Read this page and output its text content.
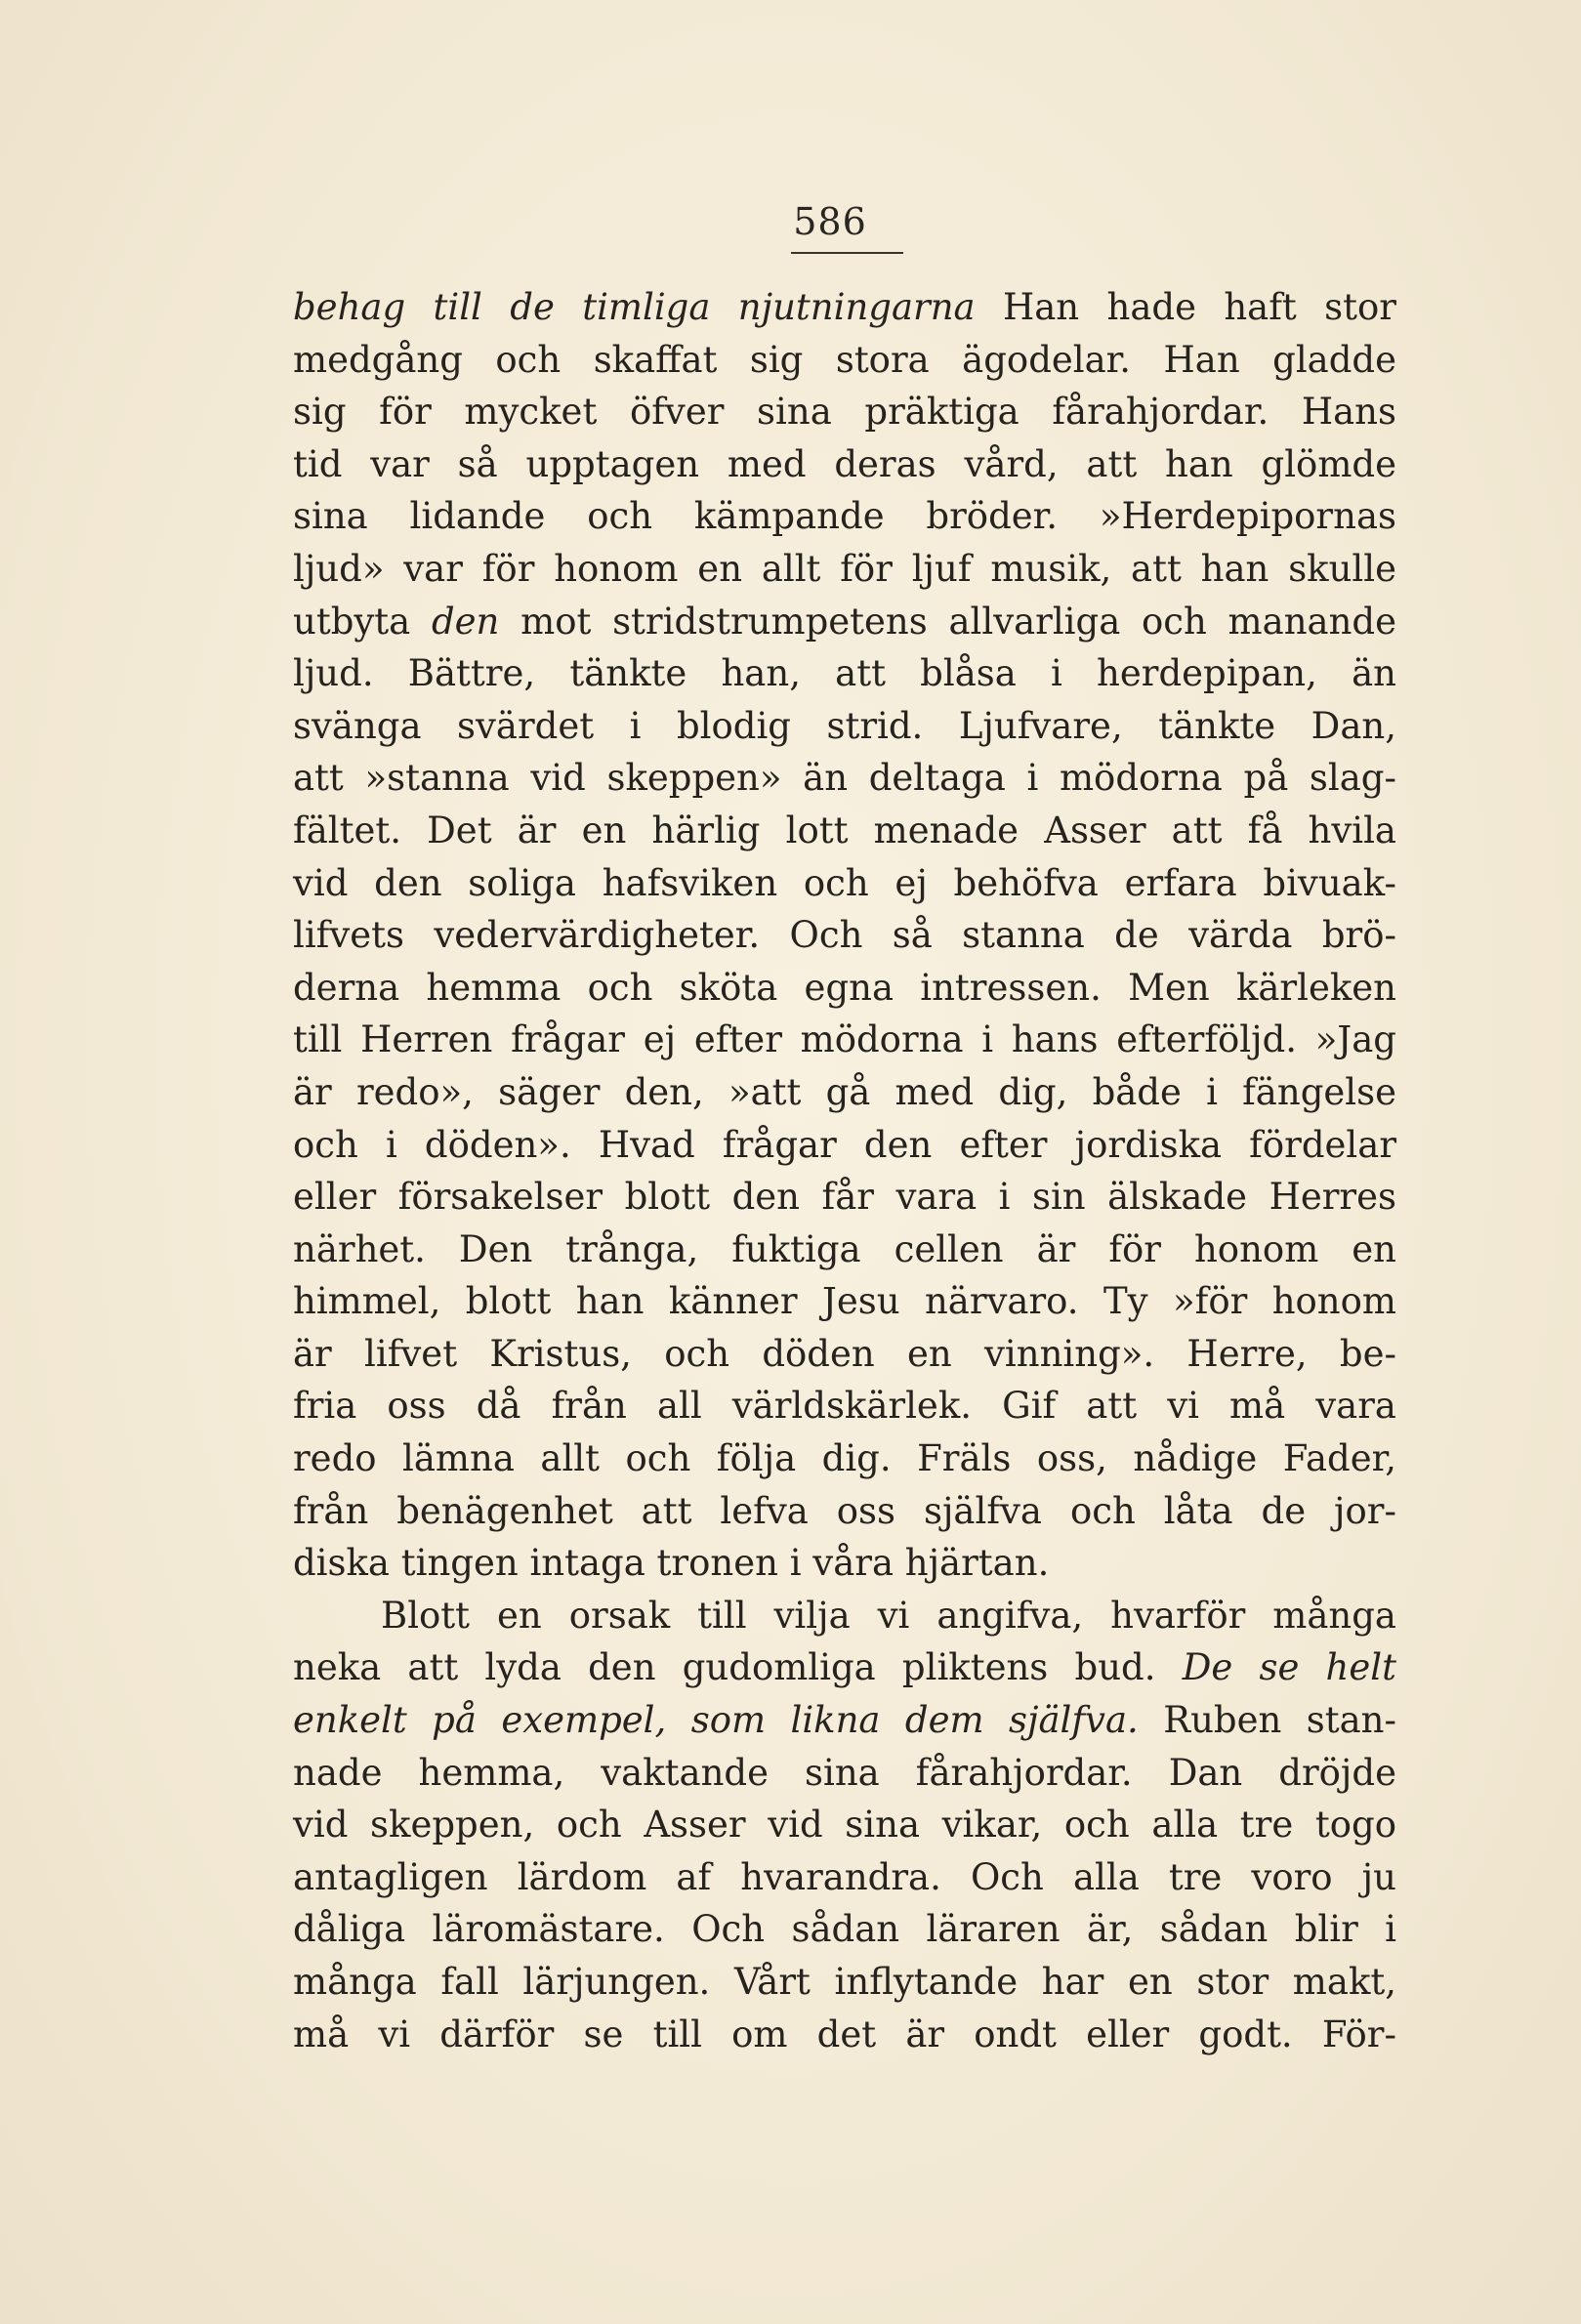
586
behag till de timliga njutningarna Han hade haft stor
medgång och skaffat sig stora ägodelar. Han gladde
sig för mycket öfver sina präktiga fårahjordar. Hans
tid var så upptagen med deras vård, att han glömde
sina lidande och kämpande bröder. »Herdepipornas
ljud» var för honom en allt för ljuf musik, att han skulle
utbyta den mot stridstrumpetens allvarliga och manande
ljud. Bättre, tänkte han, att blåsa i herdepipan, än
svänga svärdet i blodig strid. Ljufvare, tänkte Dan,
att »stanna vid skeppen» än deltaga i mödorna på slag-
fältet. Det är en härlig lott menade Asser att få hvila
vid den soliga hafsviken och ej behöfva erfara bivuak-
lifvets vedervärdigheter. Och så stanna de värda brö-
derna hemma och sköta egna intressen. Men kärleken
till Herren frågar ej efter mödorna i hans efterföljd. »Jag
är redo», säger den, »att gå med dig, både i fängelse
och i döden». Hvad frågar den efter jordiska fördelar
eller försakelser blott den får vara i sin älskade Herres
närhet. Den trånga, fuktiga cellen är för honom en
himmel, blott han känner Jesu närvaro. Ty »för honom
är lifvet Kristus, och döden en vinning». Herre, be-
fria oss då från all världskärlek. Gif att vi må vara
redo lämna allt och följa dig. Fräls oss, nådige Fader,
från benägenhet att lefva oss själfva och låta de jor-
diska tingen intaga tronen i våra hjärtan.
Blott en orsak till vilja vi angifva, hvarför många
neka att lyda den gudomliga pliktens bud. De se helt
enkelt på exempel, som likna dem själfva. Ruben stan-
nade hemma, vaktande sina fårahjordar. Dan dröjde
vid skeppen, och Asser vid sina vikar, och alla tre togo
antagligen lärdom af hvarandra. Och alla tre voro ju
dåliga läromästare. Och sådan läraren är, sådan blir i
många fall lärjungen. Vårt inflytande har en stor makt,
må vi därför se till om det är ondt eller godt. För-
